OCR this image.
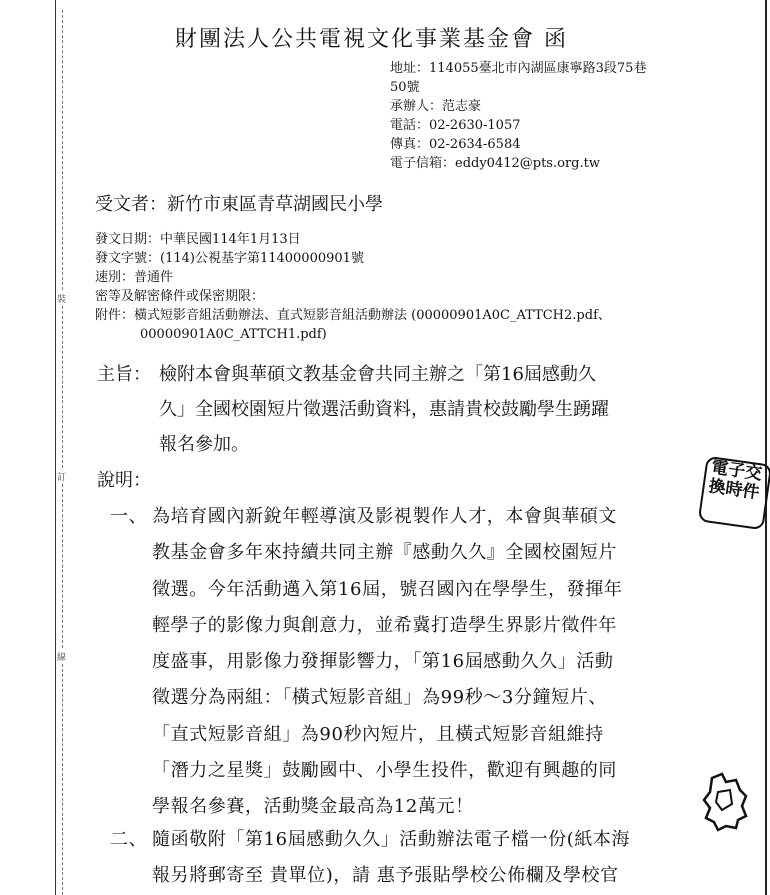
裝
訂
線
財團法人公共電視文化事業基金會 函
地址：114055臺北市內湖區康寧路3段75巷
50號
承辦人：范志豪
電話：02-2630-1057
傳真：02-2634-6584
電子信箱：eddy0412@pts.org.tw
受文者：新竹市東區青草湖國民小學
發文日期：中華民國114年1月13日
發文字號：(114)公視基字第11400000901號
速別：普通件
密等及解密條件或保密期限：
附件：橫式短影音組活動辦法、直式短影音組活動辦法 (00000901A0C_ATTCH2.pdf、
00000901A0C_ATTCH1.pdf)
主旨： 檢附本會與華碩文教基金會共同主辦之「第16屆感動久
久」全國校園短片徵選活動資料，惠請貴校鼓勵學生踴躍
報名參加。
說明：
一、 為培育國內新銳年輕導演及影視製作人才，本會與華碩文
教基金會多年來持續共同主辦『感動久久』全國校園短片
徵選。今年活動邁入第16屆，號召國內在學學生，發揮年
輕學子的影像力與創意力，並希冀打造學生界影片徵件年
度盛事，用影像力發揮影響力，「第16屆感動久久」活動
徵選分為兩組：「橫式短影音組」為99秒～3分鐘短片、
「直式短影音組」為90秒內短片，且橫式短影音組維持
「潛力之星獎」鼓勵國中、小學生投件，歡迎有興趣的同
學報名參賽，活動獎金最高為12萬元！
二、 隨函敬附「第16屆感動久久」活動辦法電子檔一份(紙本海
報另將郵寄至 貴單位)，請 惠予張貼學校公佈欄及學校官
電子交換時件
